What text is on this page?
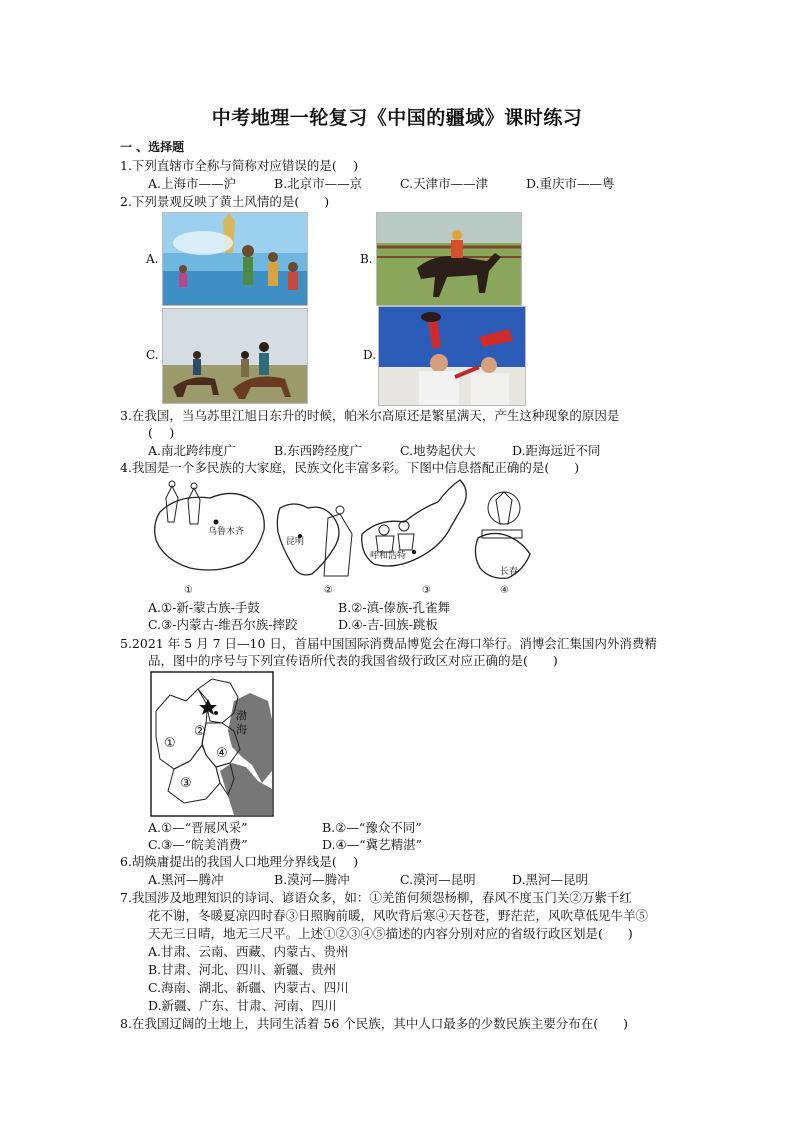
中考地理一轮复习《中国的疆域》课时练习
一 、选择题
1.下列直辖市全称与简称对应错误的是(　 )
A.上海市——沪	B.北京市——京	C.天津市——津	D.重庆市——粤
2.下列景观反映了黄土风情的是(　　)
A.	B.
C.	D.
3.在我国，当乌苏里江旭日东升的时候，帕米尔高原还是繁星满天，产生这种现象的原因是
(　 )
A.南北跨纬度广	B.东西跨经度广	C.地势起伏大	D.距海远近不同
4.我国是一个多民族的大家庭，民族文化丰富多彩。下图中信息搭配正确的是(　　)
乌鲁木齐
①
昆明
②
呼和浩特
③
长春
④
A.①-新-蒙古族-手鼓	B.②-滇-傣族-孔雀舞
C.③-内蒙古-维吾尔族-摔跤	D.④-吉-回族-跳板
5.2021 年 5 月 7 日—10 日，首届中国国际消费品博览会在海口举行。消博会汇集国内外消费精
品，图中的序号与下列宣传语所代表的我国省级行政区对应正确的是(　　)
渤
海
①
②
③
④
A.①—“晋展风采”	B.②—“豫众不同”
C.③—“皖美消费”	D.④—“冀艺精湛”
6.胡焕庸提出的我国人口地理分界线是(　 )
A.黑河—腾冲	B.漠河—腾冲	C.漠河—昆明	D.黑河—昆明
7.我国涉及地理知识的诗词、谚语众多，如：①羌笛何须怨杨柳，春风不度玉门关②万紫千红
花不谢，冬暖夏凉四时春③日照胸前暖，风吹背后寒④天苍苍，野茫茫，风吹草低见牛羊⑤
天无三日晴，地无三尺平。上述①②③④⑤描述的内容分别对应的省级行政区划是(　　)
A.甘肃、云南、西藏、内蒙古、贵州
B.甘肃、河北、四川、新疆、贵州
C.海南、湖北、新疆、内蒙古、四川
D.新疆、广东、甘肃、河南、四川
8.在我国辽阔的土地上，共同生活着 56 个民族，其中人口最多的少数民族主要分布在(　　)
